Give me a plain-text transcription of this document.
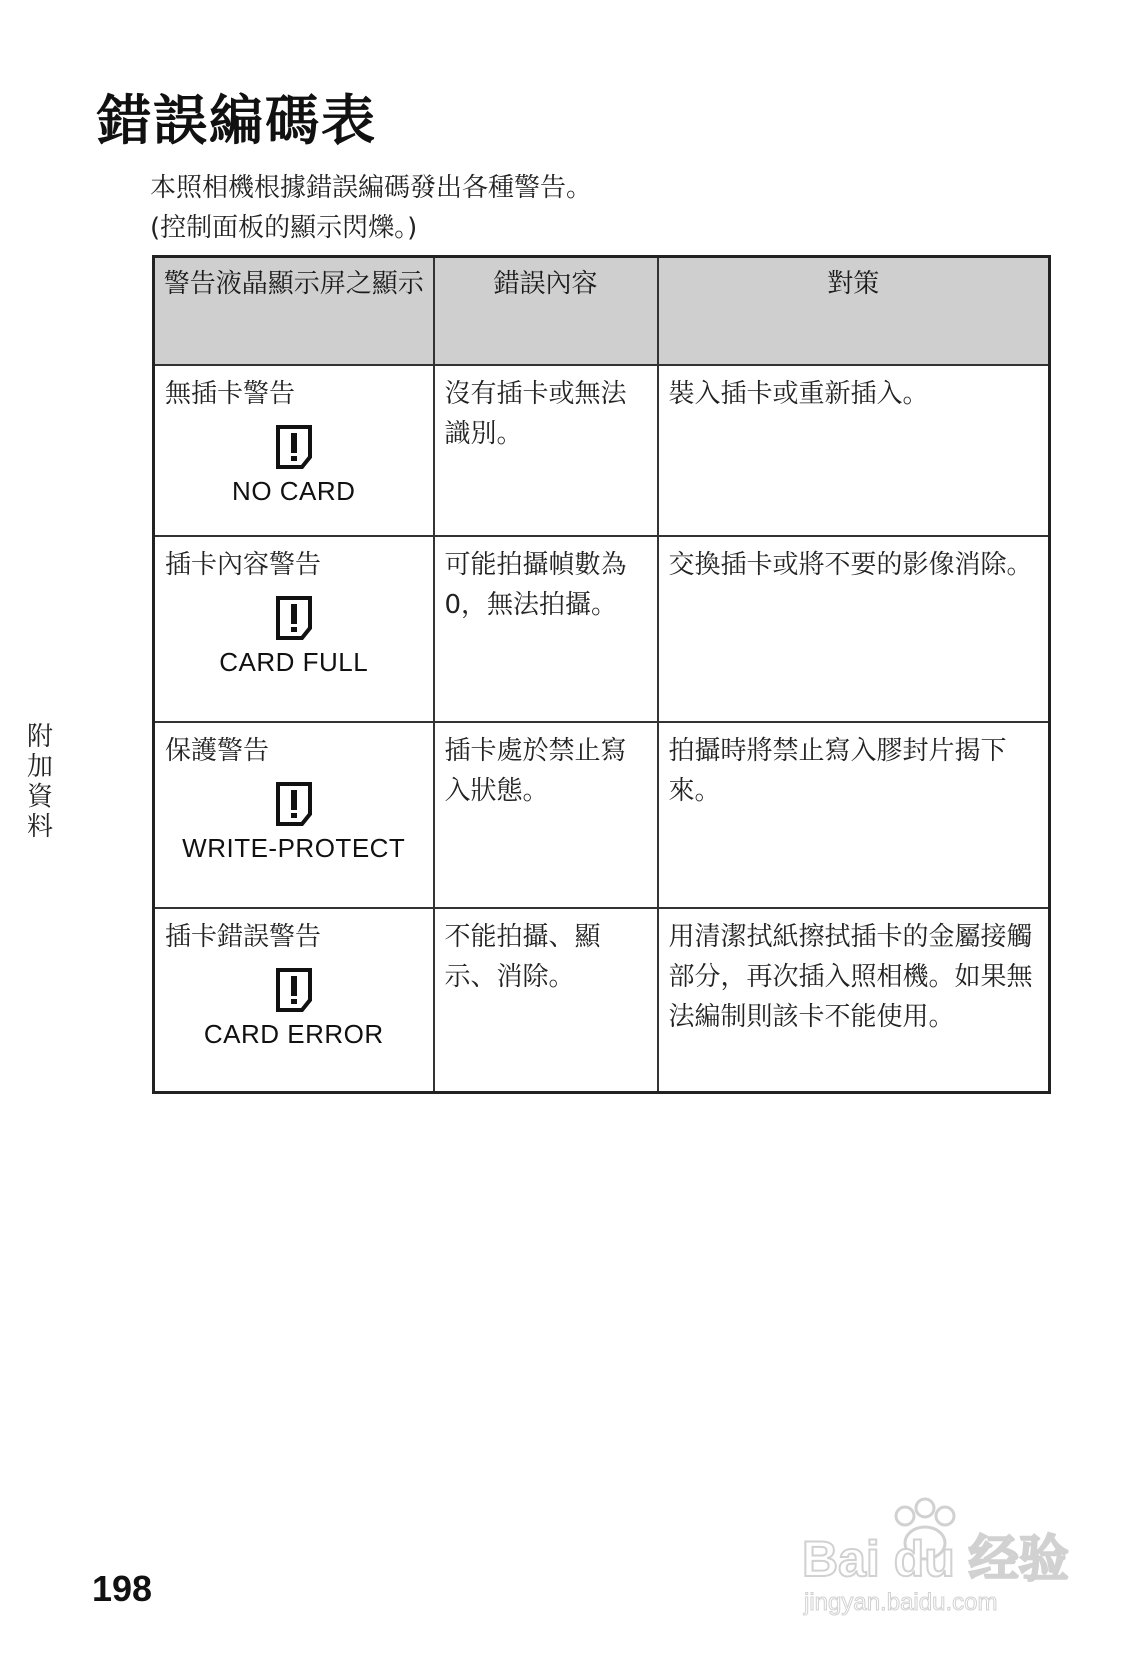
錯誤編碼表

本照相機根據錯誤編碼發出各種警告。
(控制面板的顯示閃爍。)

警告液晶顯示屏之顯示	錯誤內容	對策

無插卡警告
NO CARD	沒有插卡或無法識別。	裝入插卡或重新插入。

插卡內容警告
CARD FULL	可能拍攝幀數為0，無法拍攝。	交換插卡或將不要的影像消除。

保護警告
WRITE-PROTECT	插卡處於禁止寫入狀態。	拍攝時將禁止寫入膠封片揭下來。

插卡錯誤警告
CARD ERROR	不能拍攝、顯示、消除。	用清潔拭紙擦拭插卡的金屬接觸部分，再次插入照相機。如果無法編制則該卡不能使用。
附
加
資
料
198
Bai du 经验
jingyan.baidu.com
